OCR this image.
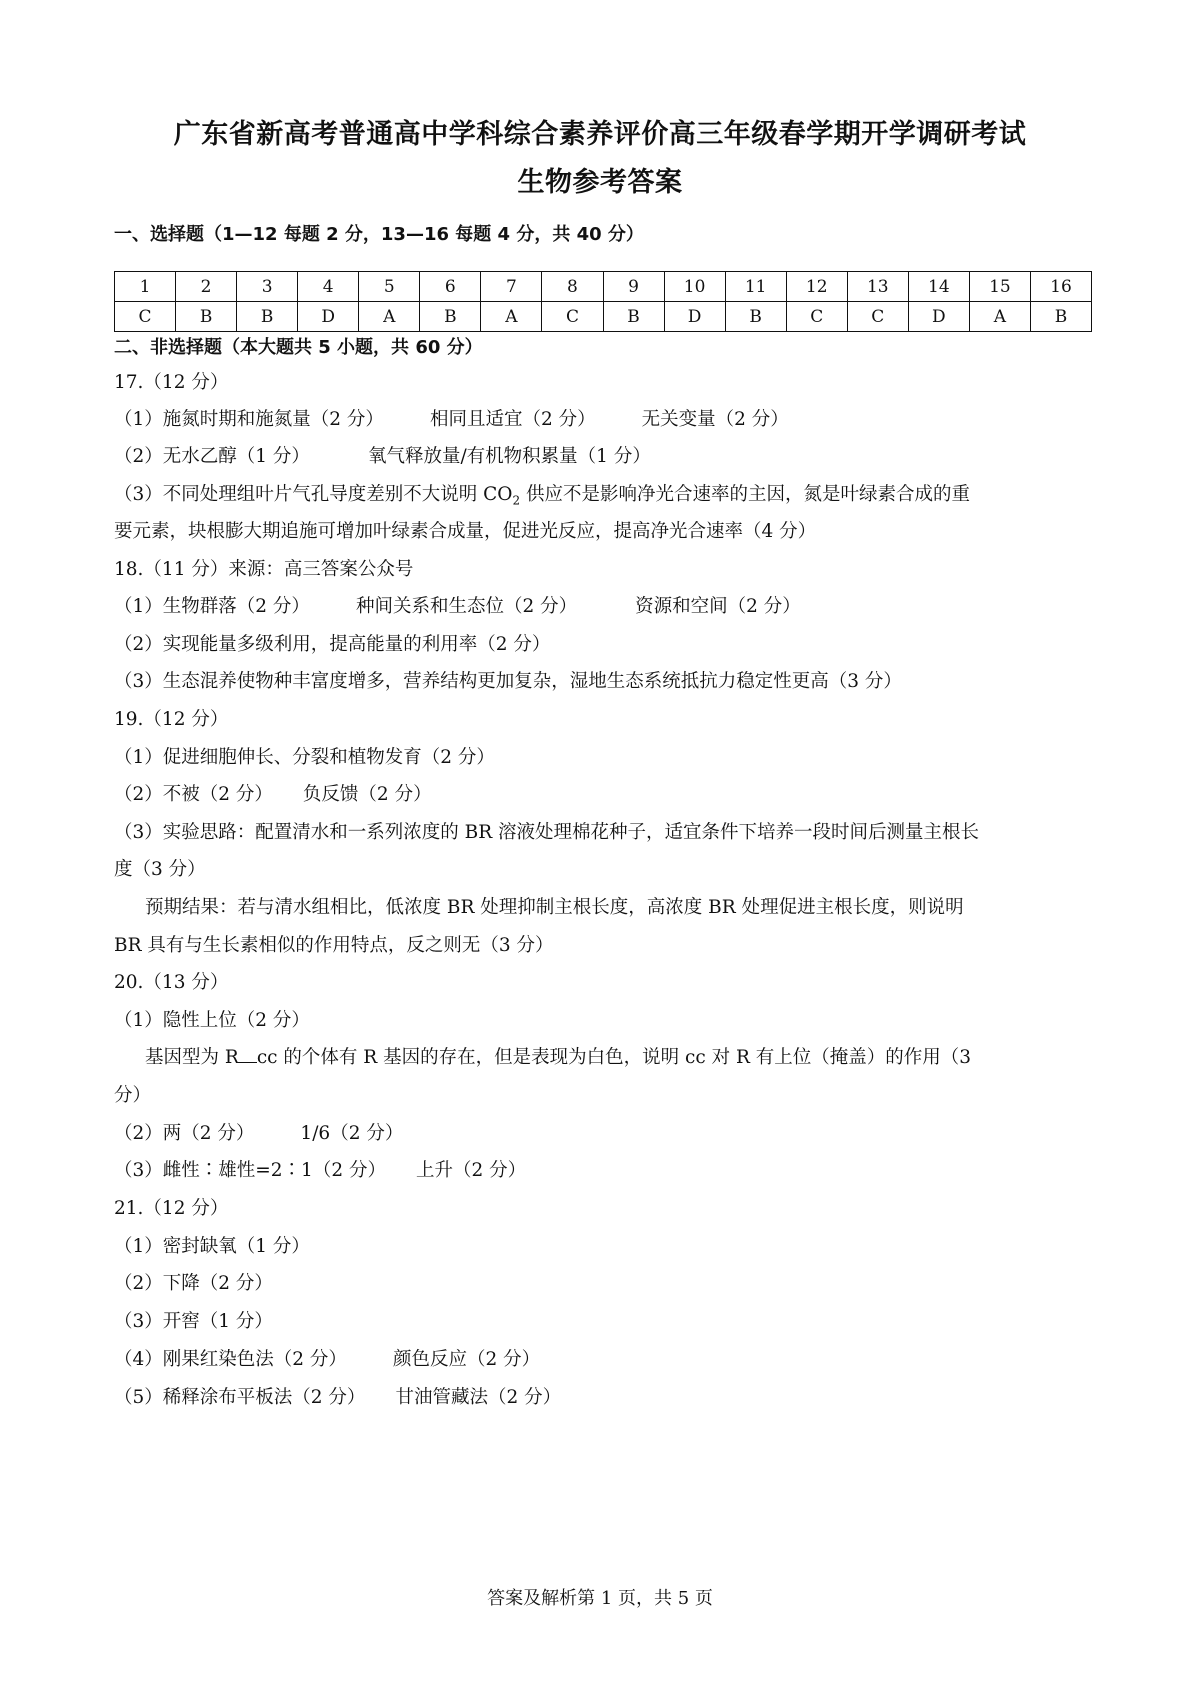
广东省新高考普通高中学科综合素养评价高三年级春学期开学调研考试
生物参考答案
一、选择题（1—12 每题 2 分，13—16 每题 4 分，共 40 分）
1	2	3	4	5	6	7	8	9	10	11	12	13	14	15	16
C	B	B	D	A	B	A	C	B	D	B	C	C	D	A	B
二、非选择题（本大题共 5 小题，共 60 分）
17.（12 分）
（1）施氮时期和施氮量（2 分） 相同且适宜（2 分） 无关变量（2 分）
（2）无水乙醇（1 分）	氧气释放量/有机物积累量（1 分）
（3）不同处理组叶片气孔导度差别不大说明 $CO_2$ 供应不是影响净光合速率的主因，氮是叶绿素合成的重
要元素，块根膨大期追施可增加叶绿素合成量，促进光反应，提高净光合速率（4 分）
18.（11 分）来源：高三答案公众号
（1）生物群落（2 分） 种间关系和生态位（2 分）	资源和空间（2 分）
（2）实现能量多级利用，提高能量的利用率（2 分）
（3）生态混养使物种丰富度增多，营养结构更加复杂，湿地生态系统抵抗力稳定性更高（3 分）
19.（12 分）
（1）促进细胞伸长、分裂和植物发育（2 分）
（2）不被（2 分） 负反馈（2 分）
（3）实验思路：配置清水和一系列浓度的 BR 溶液处理棉花种子，适宜条件下培养一段时间后测量主根长
度（3 分）
预期结果：若与清水组相比，低浓度 BR 处理抑制主根长度，高浓度 BR 处理促进主根长度，则说明
BR 具有与生长素相似的作用特点，反之则无（3 分）
20.（13 分）
（1）隐性上位（2 分）
基因型为 R cc 的个体有 R 基因的存在，但是表现为白色，说明 cc 对 R 有上位（掩盖）的作用（3
分）
（2）两（2 分） 1/6（2 分）
（3）雌性∶雄性=2∶1（2 分） 上升（2 分）
21.（12 分）
（1）密封缺氧（1 分）
（2）下降（2 分）
（3）开窖（1 分）
（4）刚果红染色法（2 分） 颜色反应（2 分）
（5）稀释涂布平板法（2 分） 甘油管藏法（2 分）
答案及解析第 1 页，共 5 页
